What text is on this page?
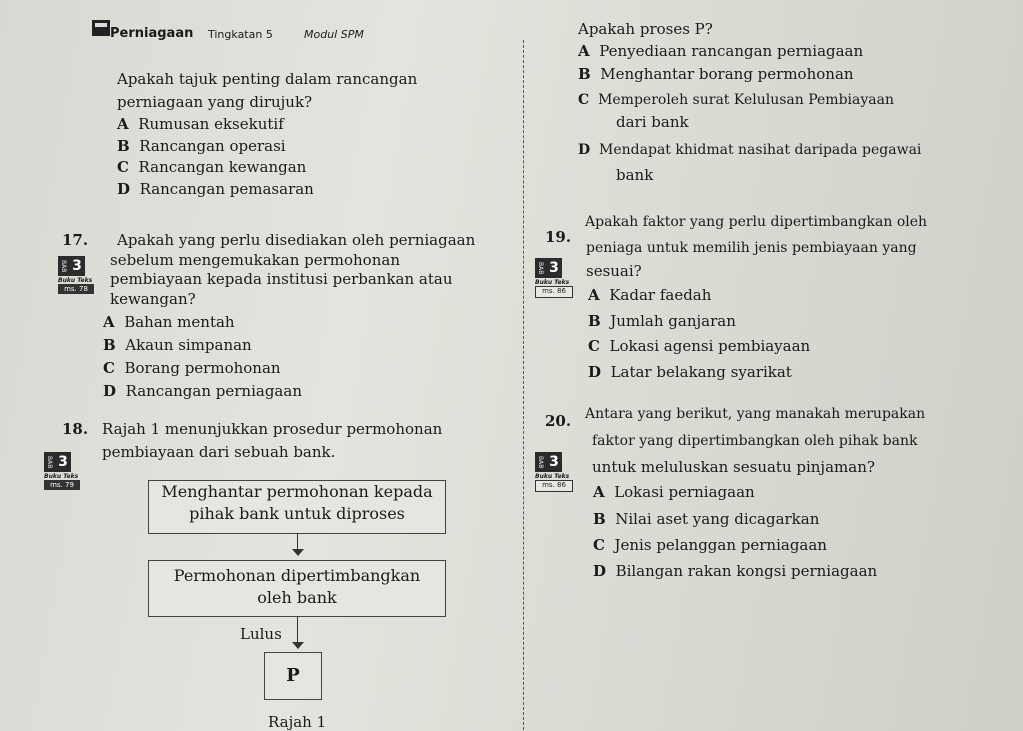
Perniagaan Tingkatan 5	Modul SPM
Apakah tajuk penting dalam rancangan
perniagaan yang dirujuk?
A Rumusan eksekutif
B Rancangan operasi
C Rancangan kewangan
D Rancangan pemasaran
17. Apakah yang perlu disediakan oleh perniagaan
sebelum mengemukakan permohonan
pembiayaan kepada institusi perbankan atau
kewangan?
BAB 3
Buku Teks
ms. 78
A Bahan mentah
B Akaun simpanan
C Borang permohonan
D Rancangan perniagaan
18. Rajah 1 menunjukkan prosedur permohonan
pembiayaan dari sebuah bank.
BAB 3
Buku Teks
ms. 79	Menghantar permohonan kepada
pihak bank untuk diproses
Permohonan dipertimbangkan
oleh bank
Lulus
P
Rajah 1
Apakah proses P?
A Penyediaan rancangan perniagaan
B Menghantar borang permohonan
C Memperoleh surat Kelulusan Pembiayaan
dari bank
D Mendapat khidmat nasihat daripada pegawai
bank
19.
Apakah faktor yang perlu dipertimbangkan oleh
peniaga untuk memilih jenis pembiayaan yang
sesuai?
BAB 3
Buku Teks
ms. 86	A Kadar faedah
B Jumlah ganjaran
C Lokasi agensi pembiayaan
D Latar belakang syarikat
20. Antara yang berikut, yang manakah merupakan
faktor yang dipertimbangkan oleh pihak bank
untuk meluluskan sesuatu pinjaman?
BAB 3
Buku Teks
ms. 86	A Lokasi perniagaan
B Nilai aset yang dicagarkan
C Jenis pelanggan perniagaan
D Bilangan rakan kongsi perniagaan
